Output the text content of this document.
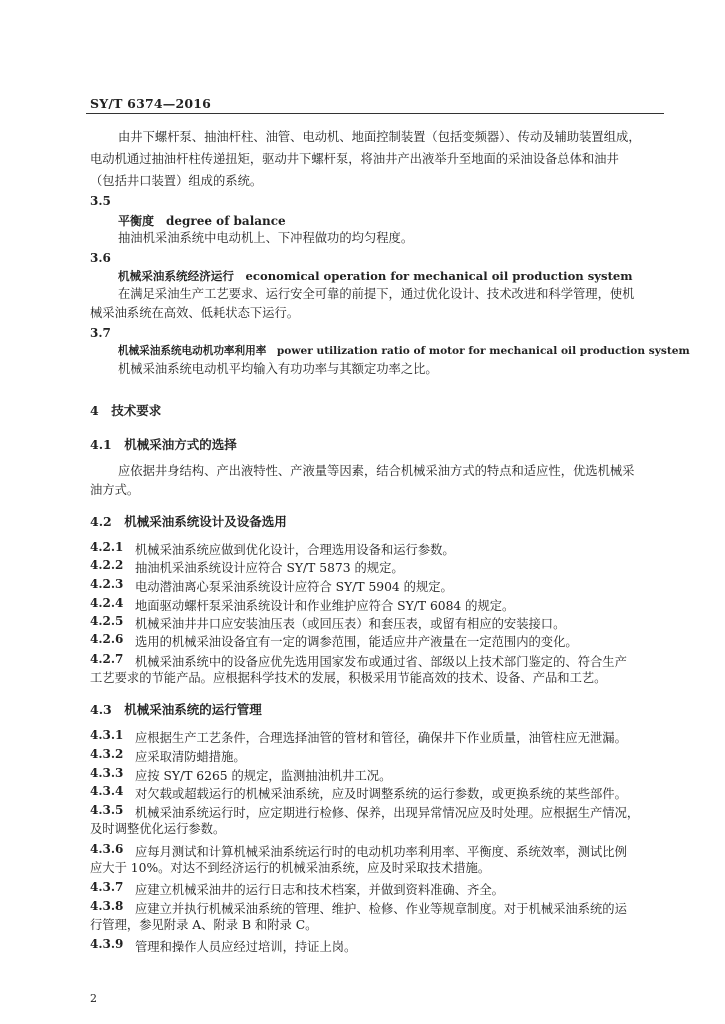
SY/T 6374—2016
由井下螺杆泵、抽油杆柱、油管、电动机、地面控制装置（包括变频器）、传动及辅助装置组成，
电动机通过抽油杆柱传递扭矩，驱动井下螺杆泵，将油井产出液举升至地面的采油设备总体和油井
（包括井口装置）组成的系统。
3.5
平衡度　degree of balance
抽油机采油系统中电动机上、下冲程做功的均匀程度。
3.6
机械采油系统经济运行　economical operation for mechanical oil production system
在满足采油生产工艺要求、运行安全可靠的前提下，通过优化设计、技术改进和科学管理，使机
械采油系统在高效、低耗状态下运行。
3.7
机械采油系统电动机功率利用率　power utilization ratio of motor for mechanical oil production system
机械采油系统电动机平均输入有功功率与其额定功率之比。
4　技术要求
4.1　机械采油方式的选择
应依据井身结构、产出液特性、产液量等因素，结合机械采油方式的特点和适应性，优选机械采
油方式。
4.2　机械采油系统设计及设备选用
4.2.1 机械采油系统应做到优化设计，合理选用设备和运行参数。
4.2.2 抽油机采油系统设计应符合 SY/T 5873 的规定。
4.2.3 电动潜油离心泵采油系统设计应符合 SY/T 5904 的规定。
4.2.4 地面驱动螺杆泵采油系统设计和作业维护应符合 SY/T 6084 的规定。
4.2.5 机械采油井井口应安装油压表（或回压表）和套压表，或留有相应的安装接口。
4.2.6 选用的机械采油设备宜有一定的调参范围，能适应井产液量在一定范围内的变化。
4.2.7 机械采油系统中的设备应优先选用国家发布或通过省、部级以上技术部门鉴定的、符合生产
工艺要求的节能产品。应根据科学技术的发展，积极采用节能高效的技术、设备、产品和工艺。
4.3　机械采油系统的运行管理
4.3.1 应根据生产工艺条件，合理选择油管的管材和管径，确保井下作业质量，油管柱应无泄漏。
4.3.2 应采取清防蜡措施。
4.3.3 应按 SY/T 6265 的规定，监测抽油机井工况。
4.3.4 对欠载或超载运行的机械采油系统，应及时调整系统的运行参数，或更换系统的某些部件。
4.3.5 机械采油系统运行时，应定期进行检修、保养，出现异常情况应及时处理。应根据生产情况，
及时调整优化运行参数。
4.3.6 应每月测试和计算机械采油系统运行时的电动机功率利用率、平衡度、系统效率，测试比例
应大于 10%。对达不到经济运行的机械采油系统，应及时采取技术措施。
4.3.7 应建立机械采油井的运行日志和技术档案，并做到资料准确、齐全。
4.3.8 应建立并执行机械采油系统的管理、维护、检修、作业等规章制度。对于机械采油系统的运
行管理，参见附录 A、附录 B 和附录 C。
4.3.9 管理和操作人员应经过培训，持证上岗。
2
